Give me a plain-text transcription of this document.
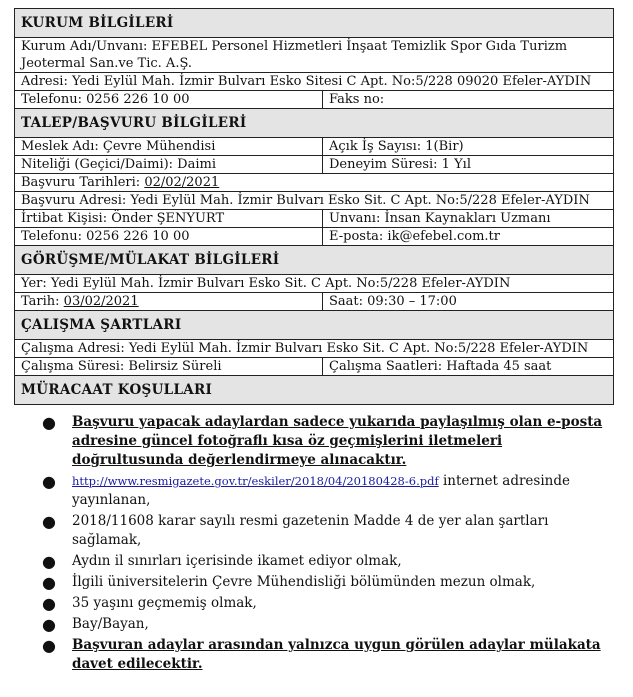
KURUM BİLGİLERİ
Kurum Adı/Unvanı: EFEBEL Personel Hizmetleri İnşaat Temizlik Spor Gıda Turizm
Jeotermal San.ve Tic. A.Ş.
Adresi: Yedi Eylül Mah. İzmir Bulvarı Esko Sitesi C Apt. No:5/228 09020 Efeler-AYDIN
Telefonu: 0256 226 10 00	Faks no:
TALEP/BAŞVURU BİLGİLERİ
Meslek Adı: Çevre Mühendisi	Açık İş Sayısı: 1(Bir)
Niteliği (Geçici/Daimi): Daimi	Deneyim Süresi: 1 Yıl
Başvuru Tarihleri: 02/02/2021
Başvuru Adresi: Yedi Eylül Mah. İzmir Bulvarı Esko Sit. C Apt. No:5/228 Efeler-AYDIN
İrtibat Kişisi: Önder ŞENYURT	Unvanı: İnsan Kaynakları Uzmanı
Telefonu: 0256 226 10 00	E-posta: ik@efebel.com.tr
GÖRÜŞME/MÜLAKAT BİLGİLERİ
Yer: Yedi Eylül Mah. İzmir Bulvarı Esko Sit. C Apt. No:5/228 Efeler-AYDIN
Tarih: 03/02/2021	Saat: 09:30 – 17:00
ÇALIŞMA ŞARTLARI
Çalışma Adresi: Yedi Eylül Mah. İzmir Bulvarı Esko Sit. C Apt. No:5/228 Efeler-AYDIN
Çalışma Süresi: Belirsiz Süreli	Çalışma Saatleri: Haftada 45 saat
MÜRACAAT KOŞULLARI
● Başvuru yapacak adaylardan sadece yukarıda paylaşılmış olan e-posta adresine güncel fotoğraflı kısa öz geçmişlerini iletmeleri doğrultusunda değerlendirmeye alınacaktır.
● http://www.resmigazete.gov.tr/eskiler/2018/04/20180428-6.pdf internet adresinde yayınlanan,
● 2018/11608 karar sayılı resmi gazetenin Madde 4 de yer alan şartları sağlamak,
● Aydın il sınırları içerisinde ikamet ediyor olmak,
● İlgili üniversitelerin Çevre Mühendisliği bölümünden mezun olmak,
● 35 yaşını geçmemiş olmak,
● Bay/Bayan,
● Başvuran adaylar arasından yalnızca uygun görülen adaylar mülakata davet edilecektir.
